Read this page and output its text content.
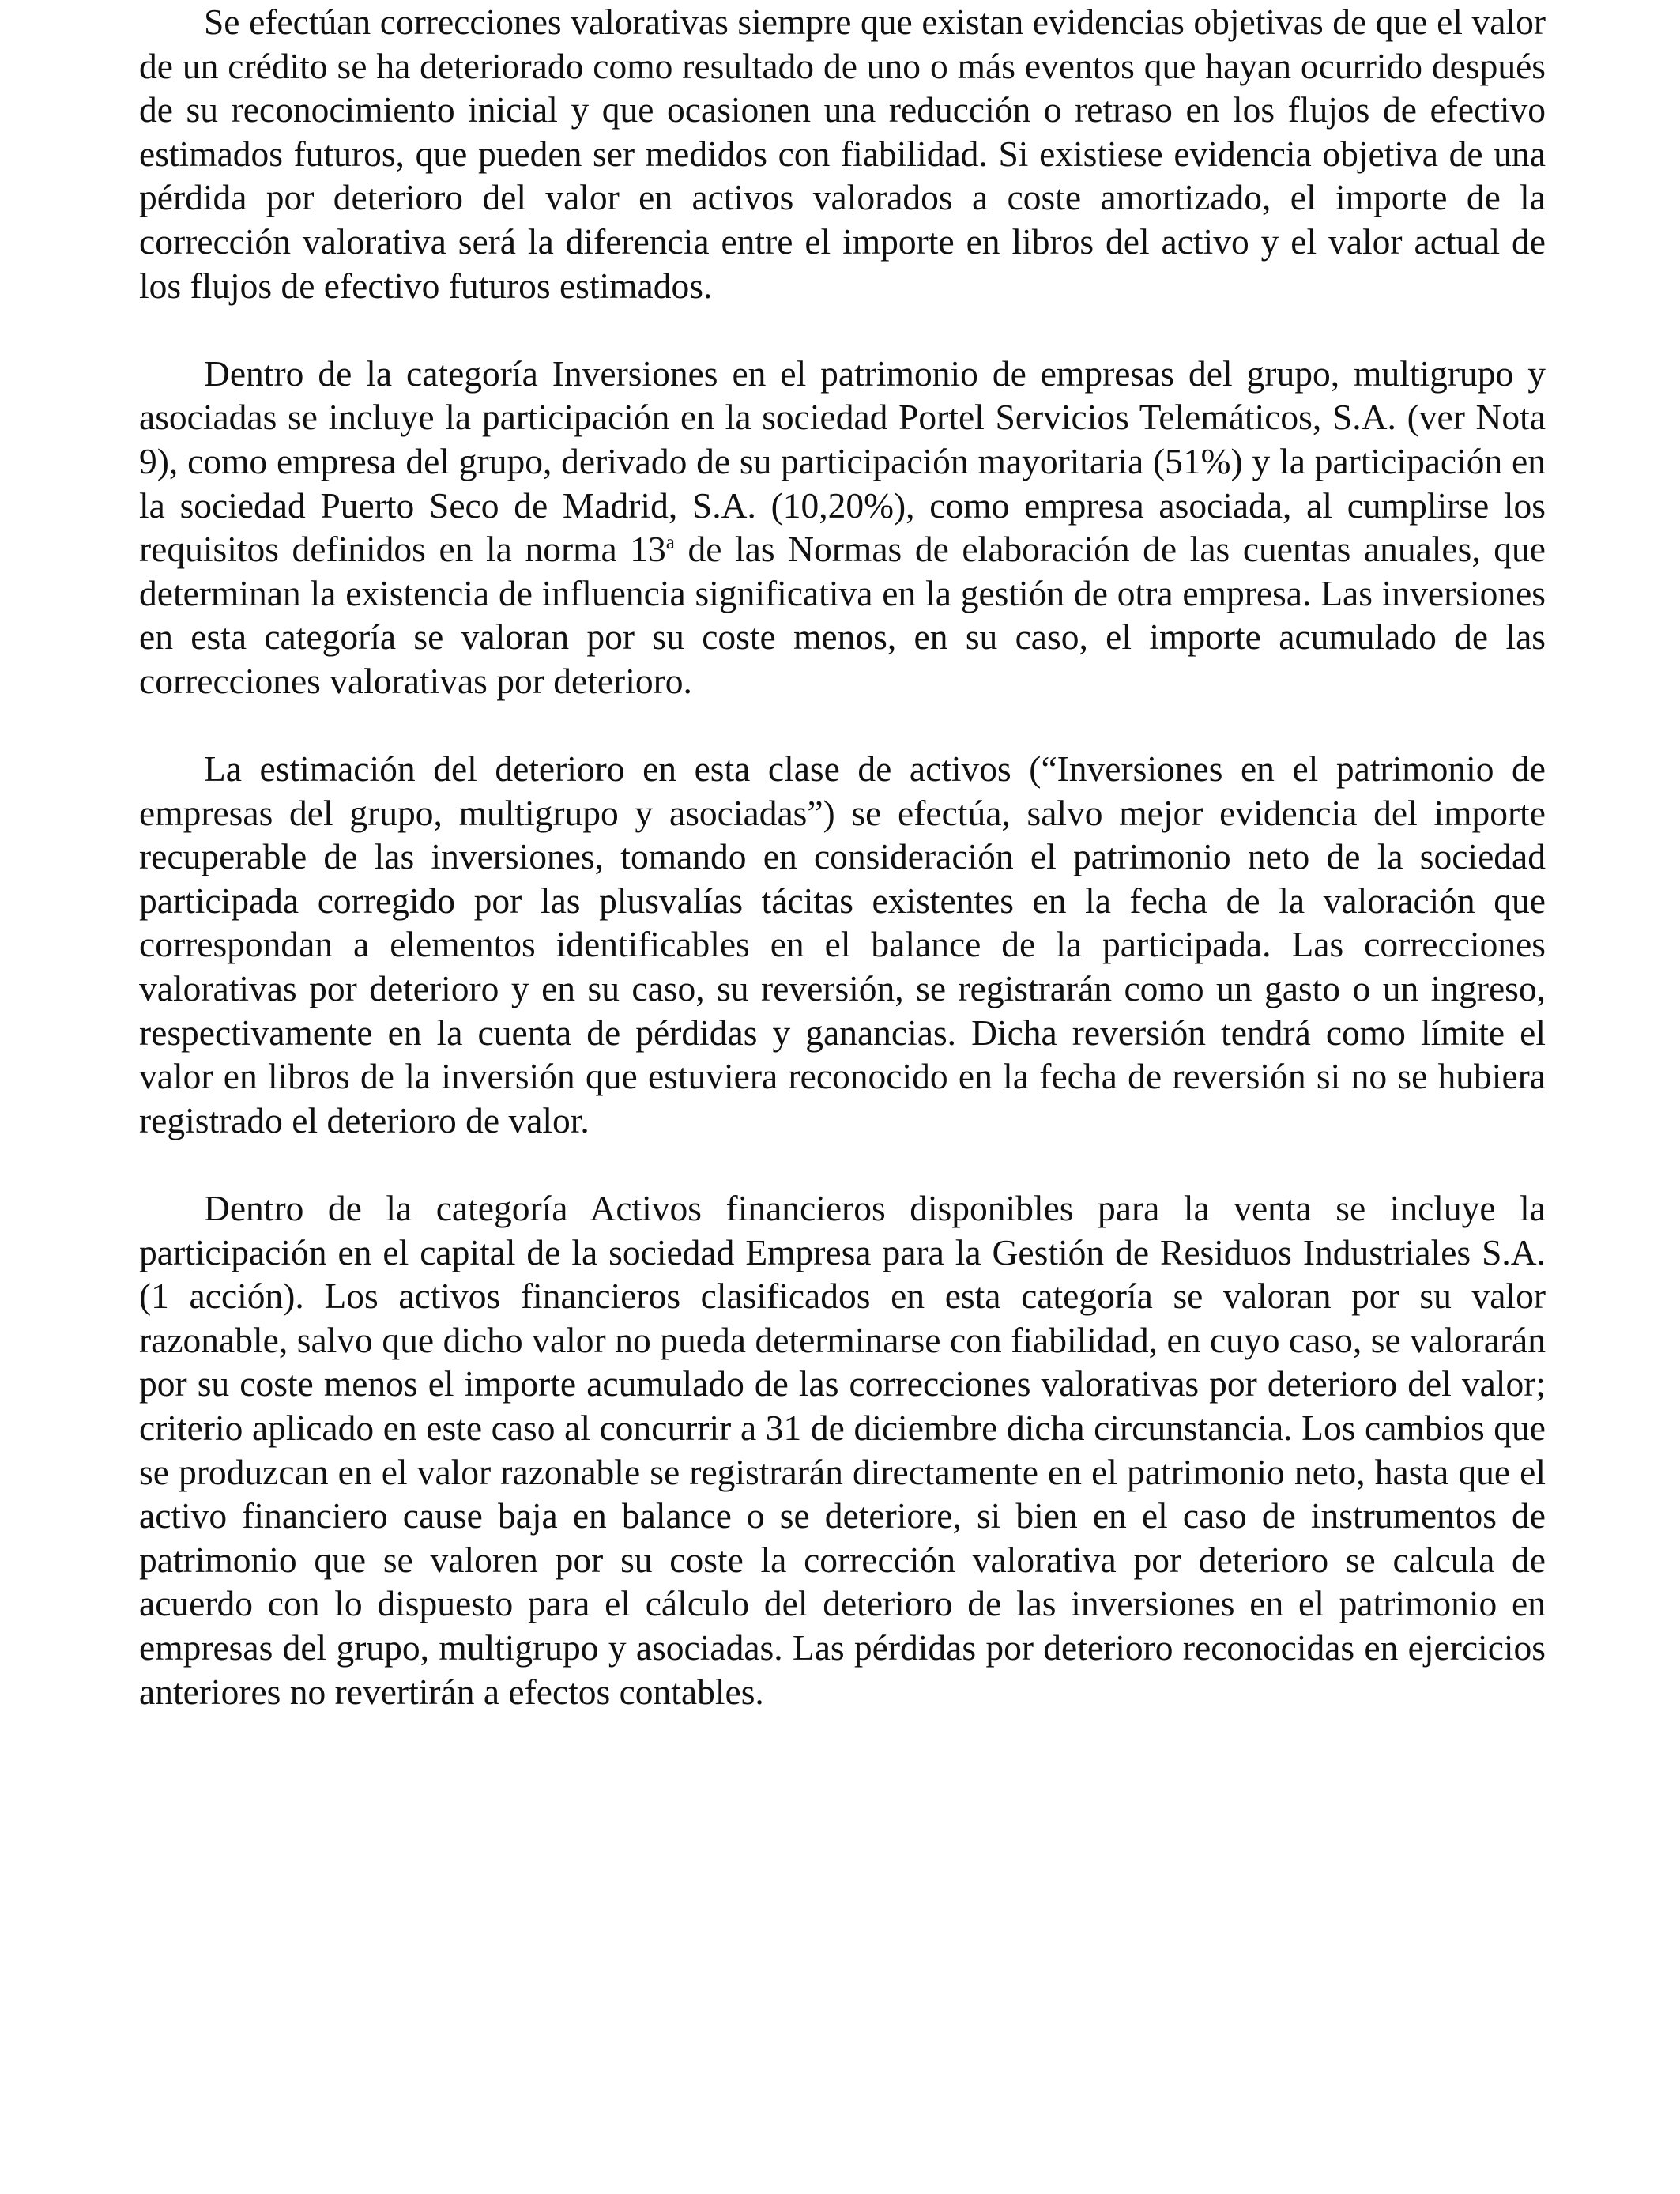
Se efectúan correcciones valorativas siempre que existan evidencias objetivas de que el valor de un crédito se ha deteriorado como resultado de uno o más eventos que hayan ocurrido después de su reconocimiento inicial y que ocasionen una reducción o retraso en los flujos de efectivo estimados futuros, que pueden ser medidos con fiabilidad. Si existiese evidencia objetiva de una pérdida por deterioro del valor en activos valorados a coste amortizado, el importe de la corrección valorativa será la diferencia entre el importe en libros del activo y el valor actual de los flujos de efectivo futuros estimados.

Dentro de la categoría Inversiones en el patrimonio de empresas del grupo, multigrupo y asociadas se incluye la participación en la sociedad Portel Servicios Telemáticos, S.A. (ver Nota 9), como empresa del grupo, derivado de su participación mayoritaria (51%) y la participación en la sociedad Puerto Seco de Madrid, S.A. (10,20%), como empresa asociada, al cumplirse los requisitos definidos en la norma 13$^a$ de las Normas de elaboración de las cuentas anuales, que determinan la existencia de influencia significativa en la gestión de otra empresa. Las inversiones en esta categoría se valoran por su coste menos, en su caso, el importe acumulado de las correcciones valorativas por deterioro.

La estimación del deterioro en esta clase de activos (“Inversiones en el patrimonio de empresas del grupo, multigrupo y asociadas”) se efectúa, salvo mejor evidencia del importe recuperable de las inversiones, tomando en consideración el patrimonio neto de la sociedad participada corregido por las plusvalías tácitas existentes en la fecha de la valoración que correspondan a elementos identificables en el balance de la participada. Las correcciones valorativas por deterioro y en su caso, su reversión, se registrarán como un gasto o un ingreso, respectivamente en la cuenta de pérdidas y ganancias. Dicha reversión tendrá como límite el valor en libros de la inversión que estuviera reconocido en la fecha de reversión si no se hubiera registrado el deterioro de valor.

Dentro de la categoría Activos financieros disponibles para la venta se incluye la participación en el capital de la sociedad Empresa para la Gestión de Residuos Industriales S.A. (1 acción). Los activos financieros clasificados en esta categoría se valoran por su valor razonable, salvo que dicho valor no pueda determinarse con fiabilidad, en cuyo caso, se valorarán por su coste menos el importe acumulado de las correcciones valorativas por deterioro del valor; criterio aplicado en este caso al concurrir a 31 de diciembre dicha circunstancia. Los cambios que se produzcan en el valor razonable se registrarán directamente en el patrimonio neto, hasta que el activo financiero cause baja en balance o se deteriore, si bien en el caso de instrumentos de patrimonio que se valoren por su coste la corrección valorativa por deterioro se calcula de acuerdo con lo dispuesto para el cálculo del deterioro de las inversiones en el patrimonio en empresas del grupo, multigrupo y asociadas. Las pérdidas por deterioro reconocidas en ejercicios anteriores no revertirán a efectos contables.
